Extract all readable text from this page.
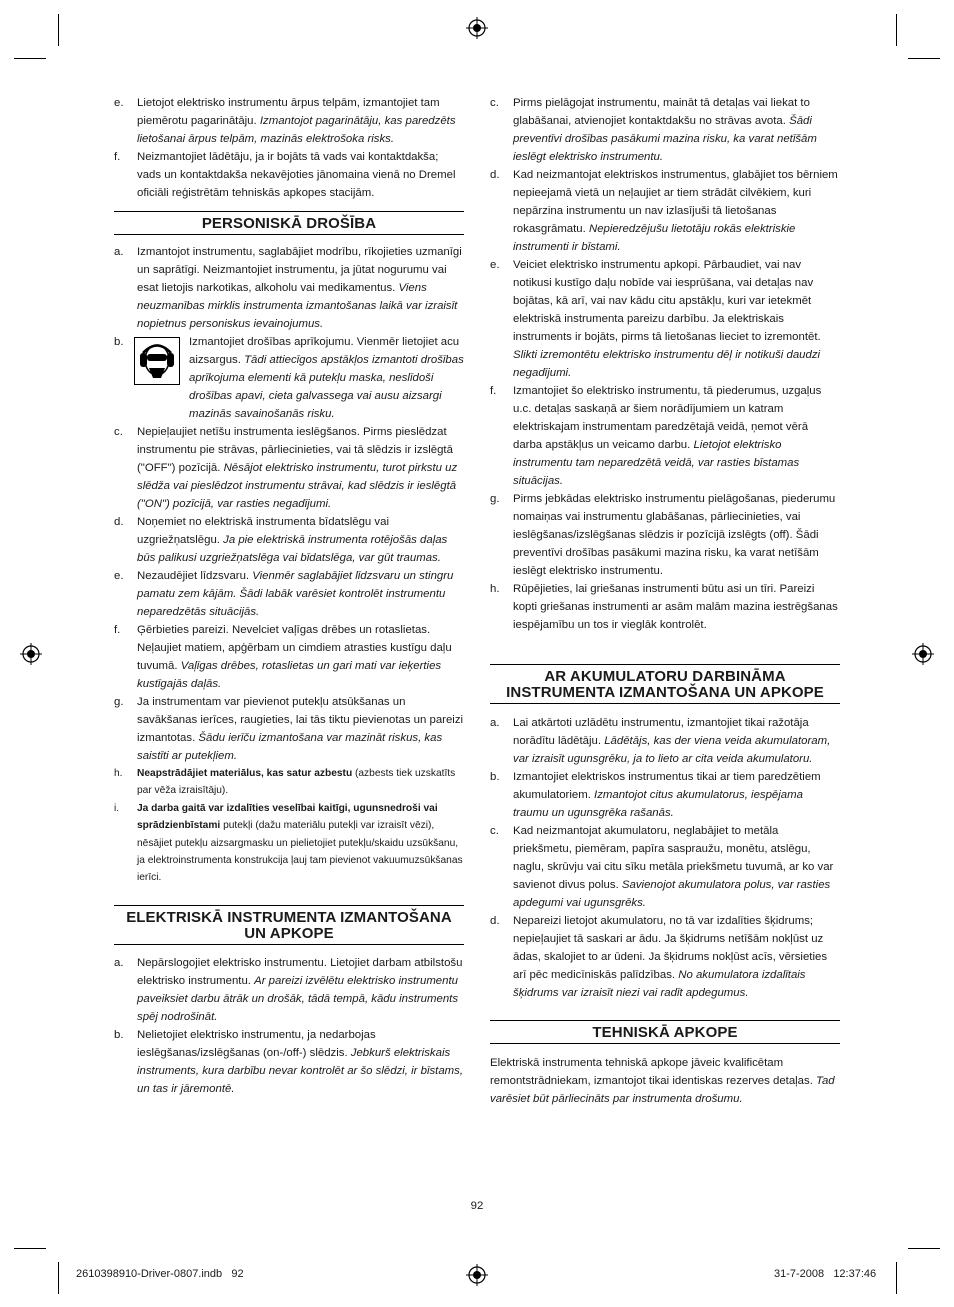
e. Lietojot elektrisko instrumentu ārpus telpām, izmantojiet tam piemērotu pagarinātāju. Izmantojot pagarinātāju, kas paredzēts lietošanai ārpus telpām, mazinās elektrošoka risks.
f. Neizmantojiet lādētāju, ja ir bojāts tā vads vai kontaktdakša; vads un kontaktdakša nekavējoties jānomaina vienā no Dremel oficiāli reģistrētām tehniskās apkopes stacijām.
PERSONISKĀ DROŠĪBA
a. Izmantojot instrumentu, saglabājiet modrību, rīkojieties uzmanīgi un saprātīgi. Neizmantojiet instrumentu, ja jūtat nogurumu vai esat lietojis narkotikas, alkoholu vai medikamentus. Viens neuzmanības mirklis instrumenta izmantošanas laikā var izraisīt nopietnus personiskus ievainojumus.
b.	Izmantojiet drošības aprīkojumu. Vienmēr lietojiet acu aizsargus. Tādi attiecīgos apstākļos izmantoti drošības aprīkojuma elementi kā putekļu maska, neslīdoši drošības apavi, cieta galvassega vai ausu aizsargi mazinās savainošanās risku.
c. Nepieļaujiet netīšu instrumenta ieslēgšanos. Pirms pieslēdzat instrumentu pie strāvas, pārliecinieties, vai tā slēdzis ir izslēgtā ("OFF") pozīcijā. Nēsājot elektrisko instrumentu, turot pirkstu uz slēdža vai pieslēdzot instrumentu strāvai, kad slēdzis ir ieslēgtā ("ON") pozīcijā, var rasties negadījumi.
d. Noņemiet no elektriskā instrumenta bīdatslēgu vai uzgriežņatslēgu. Ja pie elektriskā instrumenta rotējošās daļas būs palikusi uzgriežņatslēga vai bīdatslēga, var gūt traumas.
e. Nezaudējiet līdzsvaru. Vienmēr saglabājiet līdzsvaru un stingru pamatu zem kājām. Šādi labāk varēsiet kontrolēt instrumentu neparedzētās situācijās.
f. Ģērbieties pareizi. Nevelciet vaļīgas drēbes un rotaslietas. Neļaujiet matiem, apģērbam un cimdiem atrasties kustīgu daļu tuvumā. Vaļīgas drēbes, rotaslietas un gari mati var ieķerties kustīgajās daļās.
g. Ja instrumentam var pievienot putekļu atsūkšanas un savākšanas ierīces, raugieties, lai tās tiktu pievienotas un pareizi izmantotas. Šādu ierīču izmantošana var mazināt riskus, kas saistīti ar putekļiem.
h. Neapstrādājiet materiālus, kas satur azbestu (azbests tiek uzskatīts par vēža izraisītāju).
i. Ja darba gaitā var izdalīties veselībai kaitīgi, ugunsnedroši vai sprādzienbīstami putekļi (dažu materiālu putekļi var izraisīt vēzi), nēsājiet putekļu aizsargmasku un pielietojiet putekļu/skaidu uzsūkšanu, ja elektroinstrumenta konstrukcija ļauj tam pievienot vakuumuzsūkšanas ierīci.
ELEKTRISKĀ INSTRUMENTA IZMANTOŠANA UN APKOPE
a. Nepārslogojiet elektrisko instrumentu. Lietojiet darbam atbilstošu elektrisko instrumentu. Ar pareizi izvēlētu elektrisko instrumentu paveiksiet darbu ātrāk un drošāk, tādā tempā, kādu instruments spēj nodrošināt.
b. Nelietojiet elektrisko instrumentu, ja nedarbojas ieslēgšanas/izslēgšanas (on-/off-) slēdzis. Jebkurš elektriskais instruments, kura darbību nevar kontrolēt ar šo slēdzi, ir bīstams, un tas ir jāremontē.
c. Pirms pielāgojat instrumentu, maināt tā detaļas vai liekat to glabāšanai, atvienojiet kontaktdakšu no strāvas avota. Šādi preventīvi drošības pasākumi mazina risku, ka varat netīšām ieslēgt elektrisko instrumentu.
d. Kad neizmantojat elektriskos instrumentus, glabājiet tos bērniem nepieejamā vietā un neļaujiet ar tiem strādāt cilvēkiem, kuri nepārzina instrumentu un nav izlasījuši tā lietošanas rokasgrāmatu. Nepieredzējušu lietotāju rokās elektriskie instrumenti ir bīstami.
e. Veiciet elektrisko instrumentu apkopi. Pārbaudiet, vai nav notikusi kustīgo daļu nobīde vai iesprūšana, vai detaļas nav bojātas, kā arī, vai nav kādu citu apstākļu, kuri var ietekmēt elektriskā instrumenta pareizu darbību. Ja elektriskais instruments ir bojāts, pirms tā lietošanas lieciet to izremontēt. Slikti izremontētu elektrisko instrumentu dēļ ir notikuši daudzi negadījumi.
f. Izmantojiet šo elektrisko instrumentu, tā piederumus, uzgaļus u.c. detaļas saskaņā ar šiem norādījumiem un katram elektriskajam instrumentam paredzētajā veidā, ņemot vērā darba apstākļus un veicamo darbu. Lietojot elektrisko instrumentu tam neparedzētā veidā, var rasties bīstamas situācijas.
g. Pirms jebkādas elektrisko instrumentu pielāgošanas, piederumu nomaiņas vai instrumentu glabāšanas, pārliecinieties, vai ieslēgšanas/izslēgšanas slēdzis ir pozīcijā izslēgts (off). Šādi preventīvi drošības pasākumi mazina risku, ka varat netīšām ieslēgt elektrisko instrumentu.
h. Rūpējieties, lai griešanas instrumenti būtu asi un tīri. Pareizi kopti griešanas instrumenti ar asām malām mazina iestrēgšanas iespējamību un tos ir vieglāk kontrolēt.
AR AKUMULATORU DARBINĀMA INSTRUMENTA IZMANTOŠANA UN APKOPE
a. Lai atkārtoti uzlādētu instrumentu, izmantojiet tikai ražotāja norādītu lādētāju. Lādētājs, kas der viena veida akumulatoram, var izraisīt ugunsgrēku, ja to lieto ar cita veida akumulatoru.
b. Izmantojiet elektriskos instrumentus tikai ar tiem paredzētiem akumulatoriem. Izmantojot citus akumulatorus, iespējama traumu un ugunsgrēka rašanās.
c. Kad neizmantojat akumulatoru, neglabājiet to metāla priekšmetu, piemēram, papīra saspraužu, monētu, atslēgu, naglu, skrūvju vai citu sīku metāla priekšmetu tuvumā, ar ko var savienot divus polus. Savienojot akumulatora polus, var rasties apdegumi vai ugunsgrēks.
d. Nepareizi lietojot akumulatoru, no tā var izdalīties šķidrums; nepieļaujiet tā saskari ar ādu. Ja šķidrums netīšām nokļūst uz ādas, skalojiet to ar ūdeni. Ja šķidrums nokļūst acīs, vērsieties arī pēc medicīniskās palīdzības. No akumulatora izdalītais šķidrums var izraisīt niezi vai radīt apdegumus.
TEHNISKĀ APKOPE
Elektriskā instrumenta tehniskā apkope jāveic kvalificētam remontstrādniekam, izmantojot tikai identiskas rezerves detaļas. Tad varēsiet būt pārliecināts par instrumenta drošumu.
92
2610398910-Driver-0807.indb   92	31-7-2008   12:37:46
